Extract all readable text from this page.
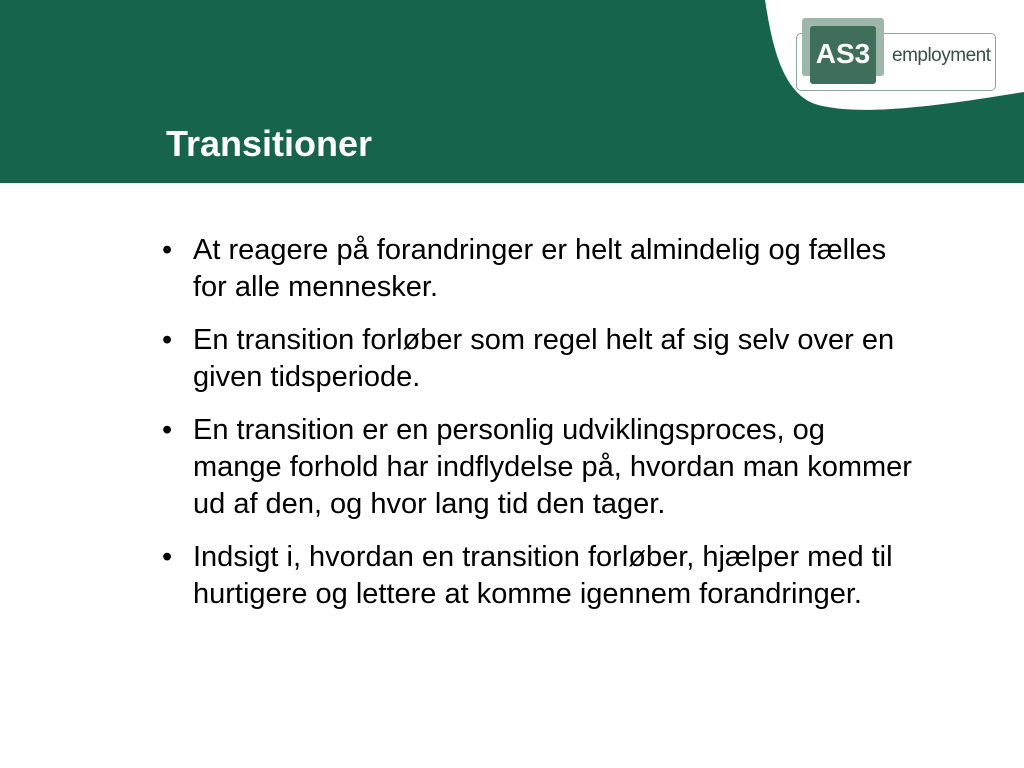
Transitioner
AS3	employment
• At reagere på forandringer er helt almindelig og fælles for alle mennesker.
• En transition forløber som regel helt af sig selv over en given tidsperiode.
• En transition er en personlig udviklingsproces, og mange forhold har indflydelse på, hvordan man kommer ud af den, og hvor lang tid den tager.
• Indsigt i, hvordan en transition forløber, hjælper med til hurtigere og lettere at komme igennem forandringer.
